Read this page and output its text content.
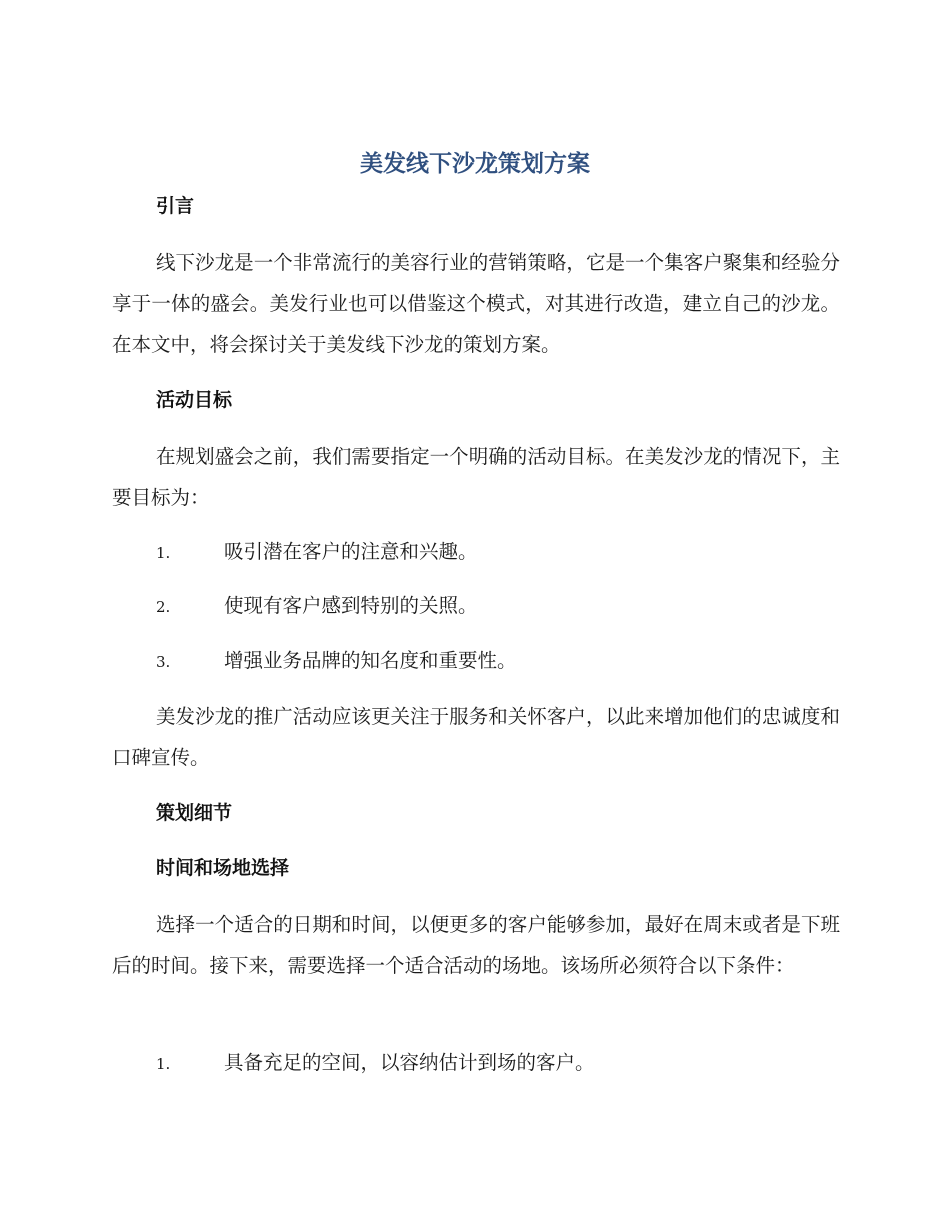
美发线下沙龙策划方案
引言

线下沙龙是一个非常流行的美容行业的营销策略，它是一个集客户聚集和经验分享于一体的盛会。美发行业也可以借鉴这个模式，对其进行改造，建立自己的沙龙。在本文中，将会探讨关于美发线下沙龙的策划方案。

活动目标

在规划盛会之前，我们需要指定一个明确的活动目标。在美发沙龙的情况下，主要目标为：

1.	吸引潜在客户的注意和兴趣。

2.	使现有客户感到特别的关照。

3.	增强业务品牌的知名度和重要性。

美发沙龙的推广活动应该更关注于服务和关怀客户，以此来增加他们的忠诚度和口碑宣传。

策划细节
时间和场地选择

选择一个适合的日期和时间，以便更多的客户能够参加，最好在周末或者是下班后的时间。接下来，需要选择一个适合活动的场地。该场所必须符合以下条件：

1.	具备充足的空间，以容纳估计到场的客户。
